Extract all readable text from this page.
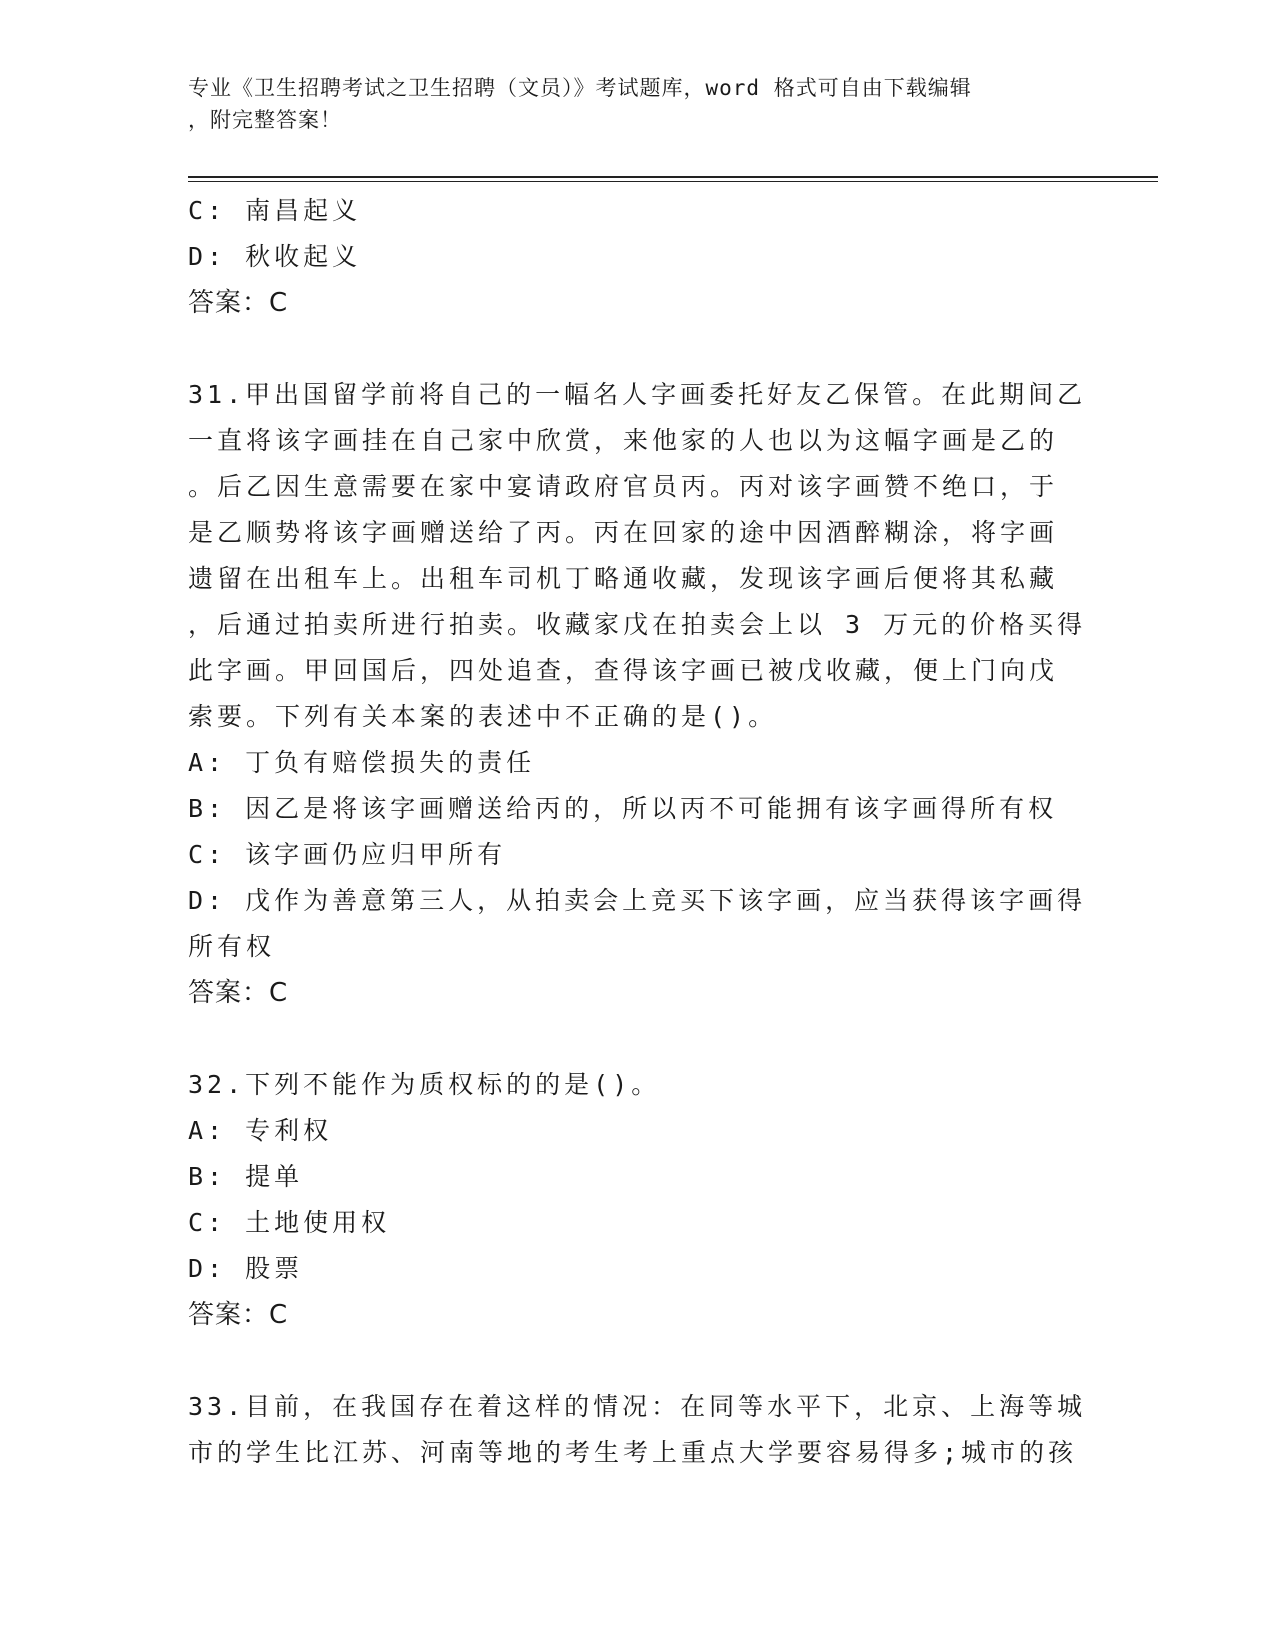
专业《卫生招聘考试之卫生招聘（文员）》考试题库，word 格式可自由下载编辑
，附完整答案！
C: 南昌起义
D: 秋收起义
答案：C
31.甲出国留学前将自己的一幅名人字画委托好友乙保管。在此期间乙
一直将该字画挂在自己家中欣赏，来他家的人也以为这幅字画是乙的
。后乙因生意需要在家中宴请政府官员丙。丙对该字画赞不绝口，于
是乙顺势将该字画赠送给了丙。丙在回家的途中因酒醉糊涂，将字画
遗留在出租车上。出租车司机丁略通收藏，发现该字画后便将其私藏
，后通过拍卖所进行拍卖。收藏家戊在拍卖会上以 3 万元的价格买得
此字画。甲回国后，四处追查，查得该字画已被戊收藏，便上门向戊
索要。下列有关本案的表述中不正确的是()。
A: 丁负有赔偿损失的责任
B: 因乙是将该字画赠送给丙的，所以丙不可能拥有该字画得所有权
C: 该字画仍应归甲所有
D: 戊作为善意第三人，从拍卖会上竞买下该字画，应当获得该字画得
所有权
答案：C
32.下列不能作为质权标的的是()。
A: 专利权
B: 提单
C: 土地使用权
D: 股票
答案：C
33.目前，在我国存在着这样的情况：在同等水平下，北京、上海等城
市的学生比江苏、河南等地的考生考上重点大学要容易得多;城市的孩
